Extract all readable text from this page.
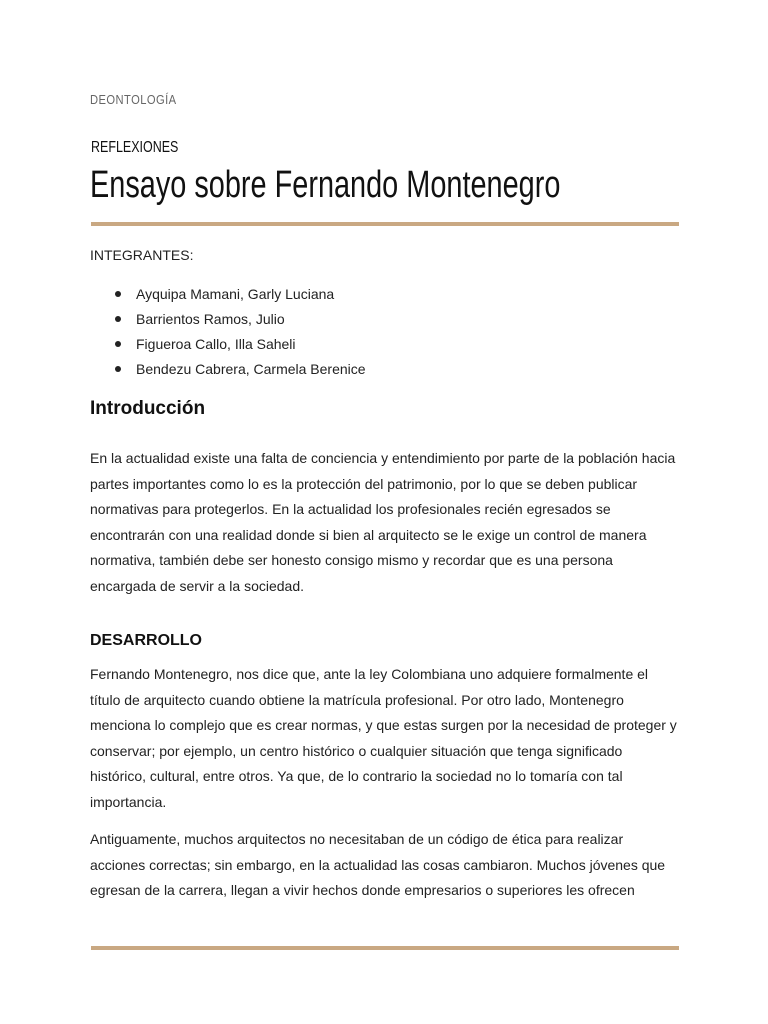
DEONTOLOGÍA
REFLEXIONES
Ensayo sobre Fernando Montenegro
INTEGRANTES:
Ayquipa Mamani, Garly Luciana
Barrientos Ramos, Julio
Figueroa Callo, Illa Saheli
Bendezu Cabrera, Carmela Berenice
Introducción

En la actualidad existe una falta de conciencia y entendimiento por parte de la población hacia partes importantes como lo es la protección del patrimonio, por lo que se deben publicar normativas para protegerlos. En la actualidad los profesionales recién egresados se encontrarán con una realidad donde si bien al arquitecto se le exige un control de manera normativa, también debe ser honesto consigo mismo y recordar que es una persona encargada de servir a la sociedad.

DESARROLLO

Fernando Montenegro, nos dice que, ante la ley Colombiana uno adquiere formalmente el título de arquitecto cuando obtiene la matrícula profesional. Por otro lado, Montenegro menciona lo complejo que es crear normas, y que estas surgen por la necesidad de proteger y conservar; por ejemplo, un centro histórico o cualquier situación que tenga significado histórico, cultural, entre otros. Ya que, de lo contrario la sociedad no lo tomaría con tal importancia.

Antiguamente, muchos arquitectos no necesitaban de un código de ética para realizar acciones correctas; sin embargo, en la actualidad las cosas cambiaron. Muchos jóvenes que egresan de la carrera, llegan a vivir hechos donde empresarios o superiores les ofrecen
